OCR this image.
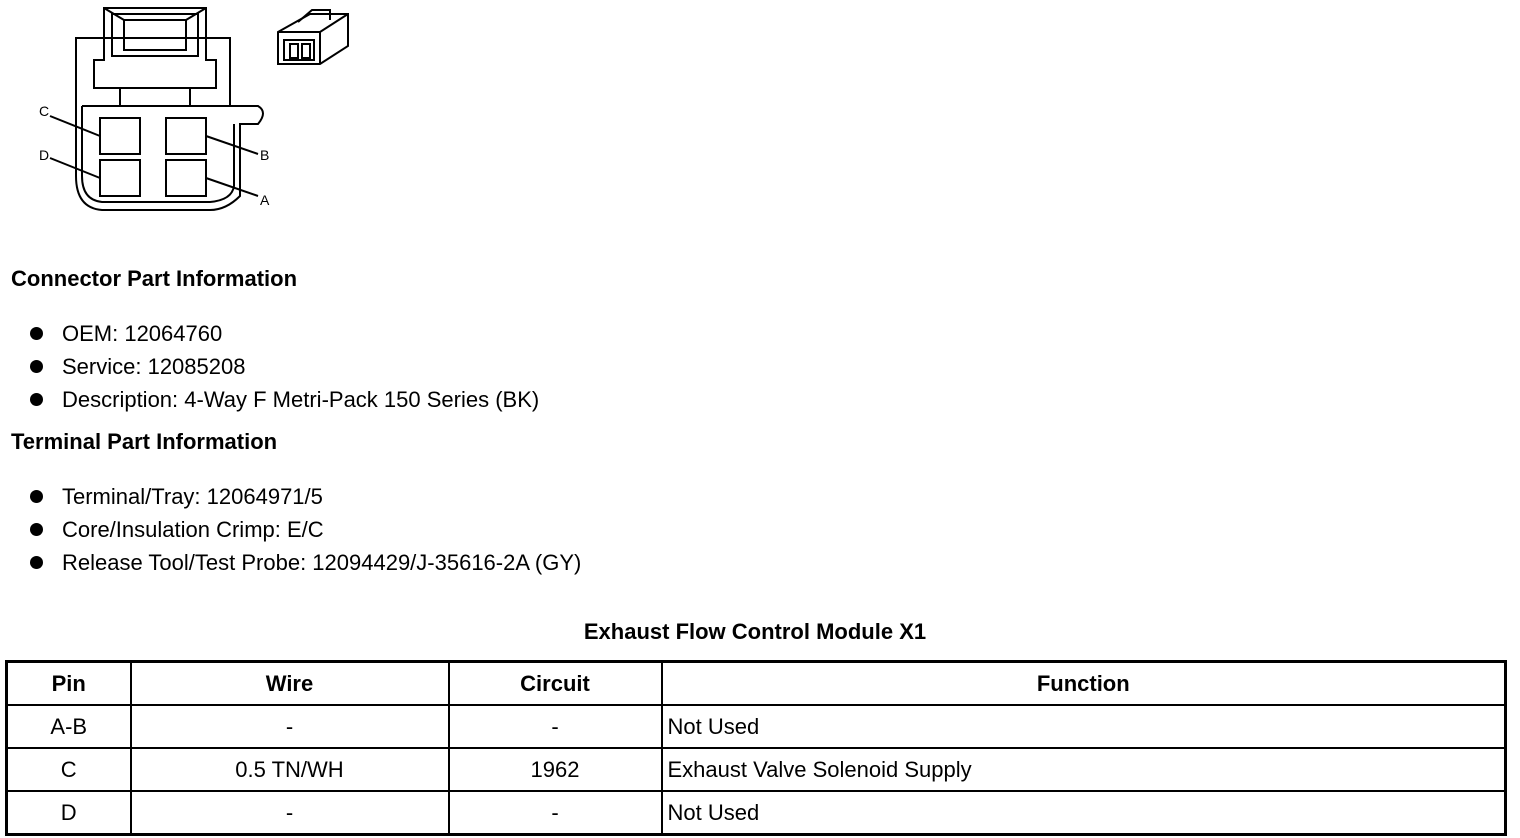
C
D	B
A
Connector Part Information
OEM: 12064760
Service: 12085208
Description: 4-Way F Metri-Pack 150 Series (BK)
Terminal Part Information
Terminal/Tray: 12064971/5
Core/Insulation Crimp: E/C
Release Tool/Test Probe: 12094429/J-35616-2A (GY)
Exhaust Flow Control Module X1
Pin	Wire	Circuit	Function
A-B	-	-	Not Used
C	0.5 TN/WH	1962	Exhaust Valve Solenoid Supply
D	-	-	Not Used
